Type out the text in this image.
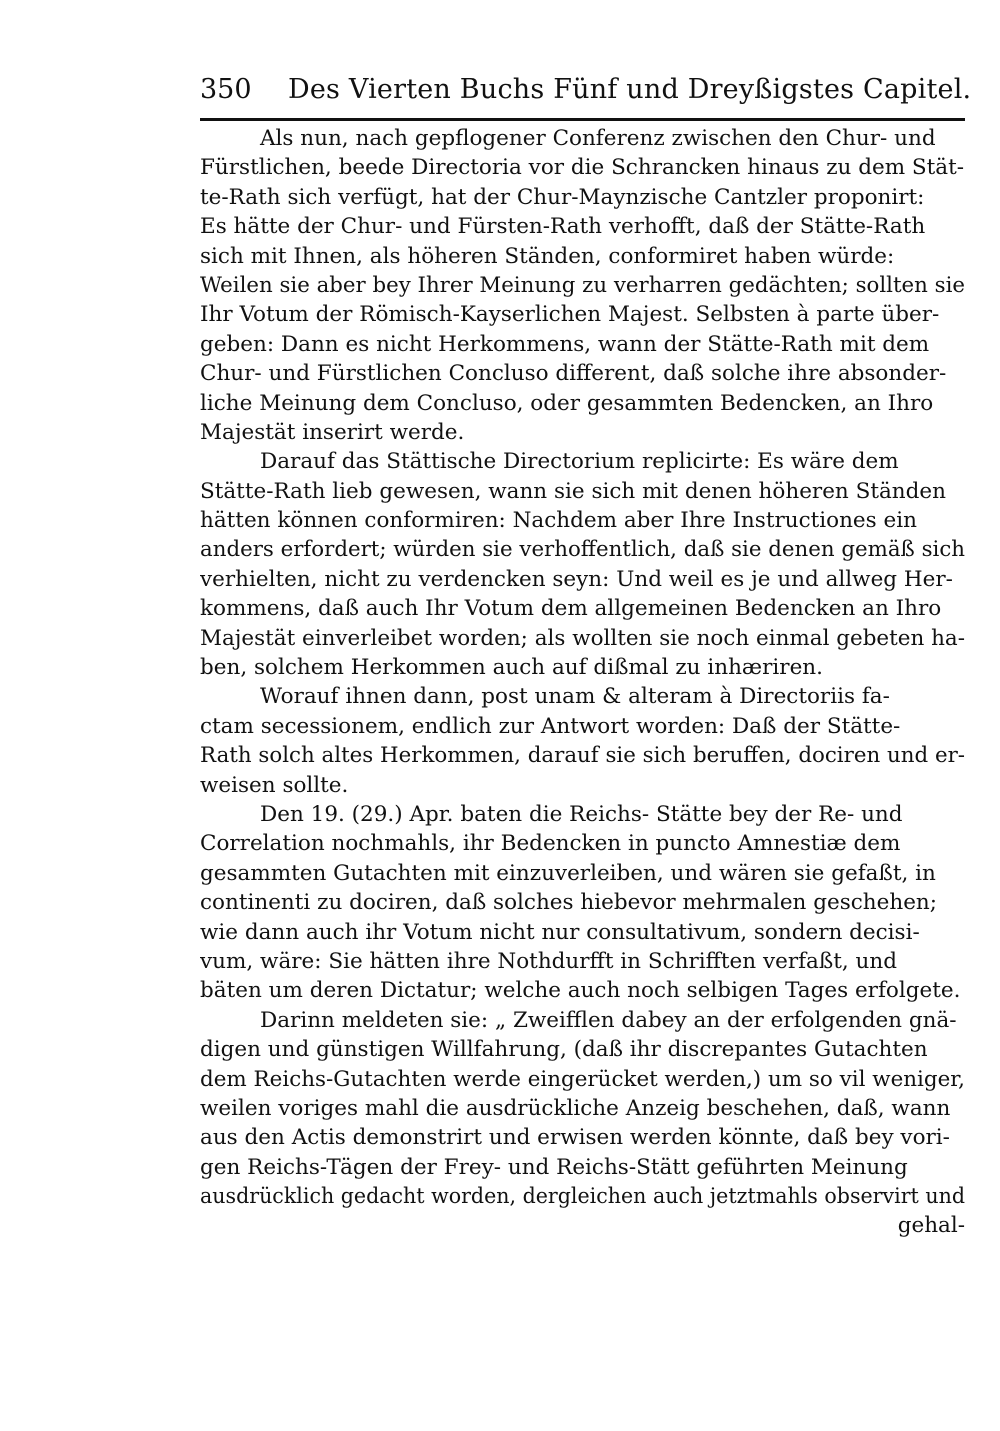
350 Des Vierten Buchs Fünf und Dreyßigstes Capitel.
Als nun, nach gepflogener Conferenz zwischen den Chur- und
Fürstlichen, beede Directoria vor die Schrancken hinaus zu dem Stät-
te-Rath sich verfügt, hat der Chur-Maynzische Cantzler proponirt:
Es hätte der Chur- und Fürsten-Rath verhofft, daß der Stätte-Rath
sich mit Ihnen, als höheren Ständen, conformiret haben würde:
Weilen sie aber bey Ihrer Meinung zu verharren gedächten; sollten sie
Ihr Votum der Römisch-Kayserlichen Majest. Selbsten à parte über-
geben: Dann es nicht Herkommens, wann der Stätte-Rath mit dem
Chur- und Fürstlichen Concluso different, daß solche ihre absonder-
liche Meinung dem Concluso, oder gesammten Bedencken, an Ihro
Majestät inserirt werde.
Darauf das Stättische Directorium replicirte: Es wäre dem
Stätte-Rath lieb gewesen, wann sie sich mit denen höheren Ständen
hätten können conformiren: Nachdem aber Ihre Instructiones ein
anders erfordert; würden sie verhoffentlich, daß sie denen gemäß sich
verhielten, nicht zu verdencken seyn: Und weil es je und allweg Her-
kommens, daß auch Ihr Votum dem allgemeinen Bedencken an Ihro
Majestät einverleibet worden; als wollten sie noch einmal gebeten ha-
ben, solchem Herkommen auch auf dißmal zu inhæriren.
Worauf ihnen dann, post unam & alteram à Directoriis fa-
ctam secessionem, endlich zur Antwort worden: Daß der Stätte-
Rath solch altes Herkommen, darauf sie sich beruffen, dociren und er-
weisen sollte.
Den 19. (29.) Apr. baten die Reichs- Stätte bey der Re- und
Correlation nochmahls, ihr Bedencken in puncto Amnestiæ dem
gesammten Gutachten mit einzuverleiben, und wären sie gefaßt, in
continenti zu dociren, daß solches hiebevor mehrmalen geschehen;
wie dann auch ihr Votum nicht nur consultativum, sondern decisi-
vum, wäre: Sie hätten ihre Nothdurfft in Schrifften verfaßt, und
bäten um deren Dictatur; welche auch noch selbigen Tages erfolgete.
Darinn meldeten sie: „ Zweifflen dabey an der erfolgenden gnä-
digen und günstigen Willfahrung, (daß ihr discrepantes Gutachten
dem Reichs-Gutachten werde eingerücket werden,) um so vil weniger,
weilen voriges mahl die ausdrückliche Anzeig beschehen, daß, wann
aus den Actis demonstrirt und erwisen werden könnte, daß bey vori-
gen Reichs-Tägen der Frey- und Reichs-Stätt geführten Meinung
ausdrücklich gedacht worden, dergleichen auch jetztmahls observirt und
gehal-
